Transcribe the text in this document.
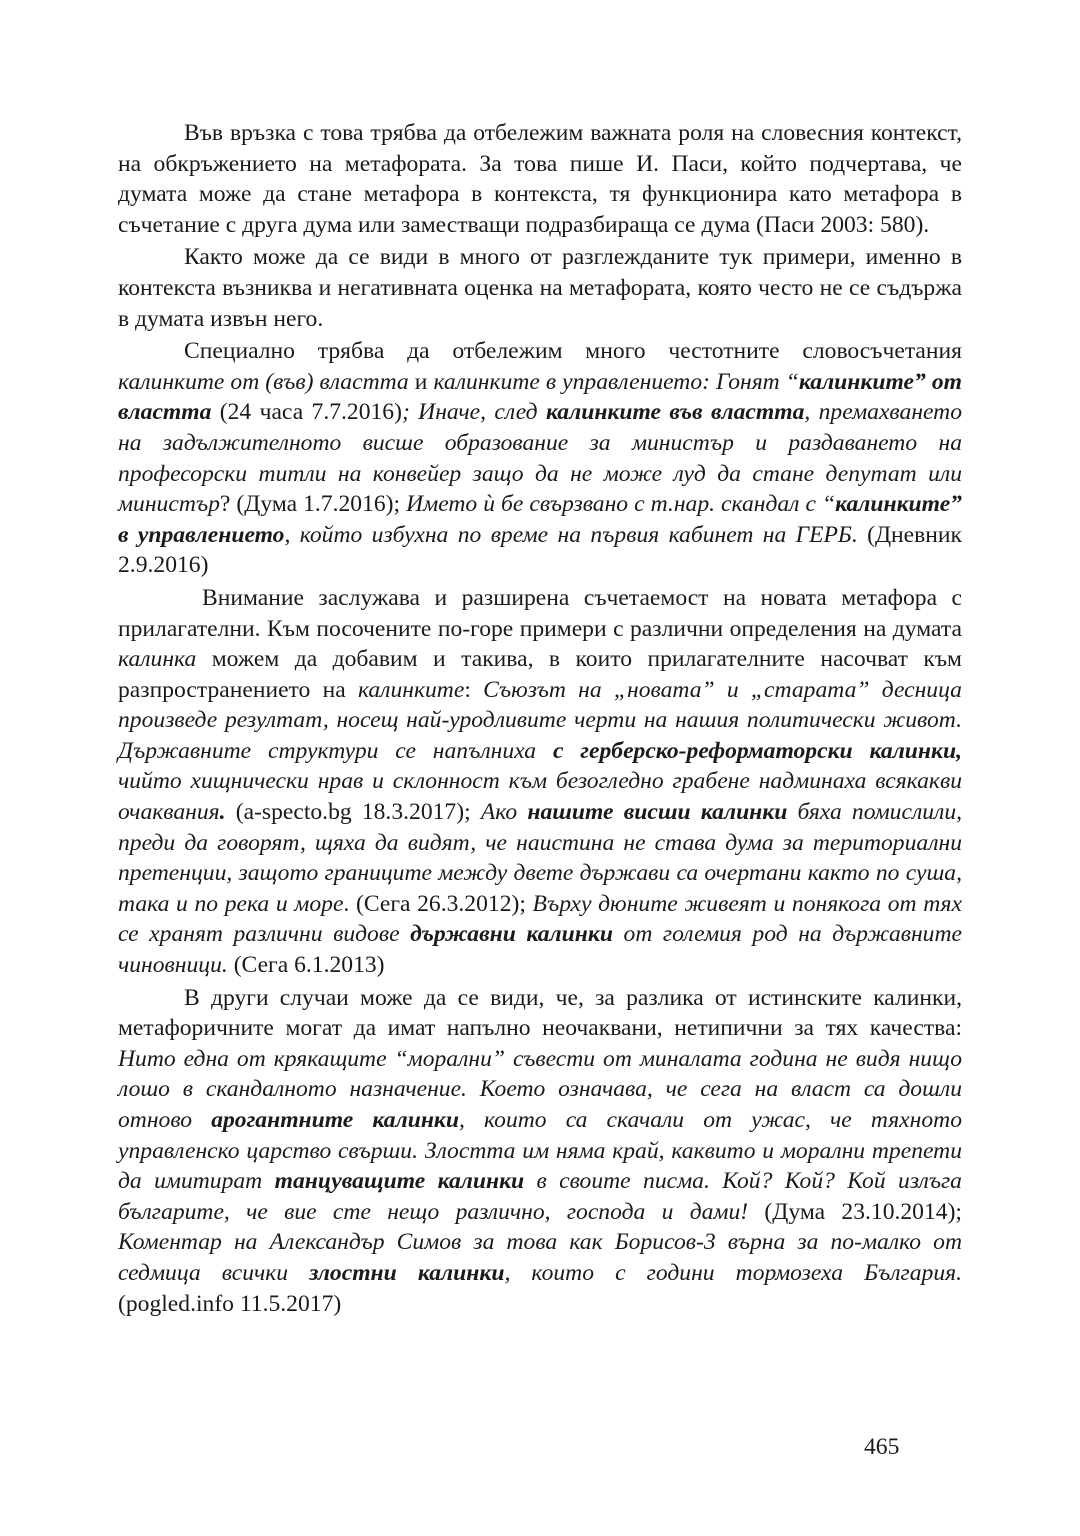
Във връзка с това трябва да отбележим важната роля на словесния контекст, на обкръжението на метафората. За това пише И. Паси, който подчертава, че думата може да стане метафора в контекста, тя функционира като метафора в съчетание с друга дума или заместващи подразбираща се дума (Паси 2003: 580).

Както може да се види в много от разглежданите тук примери, именно в контекста възниква и негативната оценка на метафората, която често не се съдържа в думата извън него.

Специално трябва да отбележим много честотните словосъчетания калинките от (във) властта и калинките в управлението: Гонят “калинките” от властта (24 часа 7.7.2016); Иначе, след калинките във властта, премахването на задължителното висше образование за министър и раздаването на професорски титли на конвейер защо да не може луд да стане депутат или министър? (Дума 1.7.2016); Името ѝ бе свързвано с т.нар. скандал с “калинките” в управлението, който избухна по време на първия кабинет на ГЕРБ. (Дневник 2.9.2016)

Внимание заслужава и разширена съчетаемост на новата метафора с прилагателни. Към посочените по-горе примери с различни определения на думата калинка можем да добавим и такива, в които прилагателните насочват към разпространението на калинките: Съюзът на „новата” и „старата” десница произведе резултат, носещ най-уродливите черти на нашия политически живот. Държавните структури се напълниха с герберско-реформаторски калинки, чийто хищнически нрав и склонност към безогледно грабене надминаха всякакви очаквания. (a-specto.bg 18.3.2017); Ако нашите висши калинки бяха помислили, преди да говорят, щяха да видят, че наистина не става дума за териториални претенции, защото границите между двете държави са очертани както по суша, така и по река и море. (Сега 26.3.2012); Върху дюните живеят и понякога от тях се хранят различни видове държавни калинки от големия род на държавните чиновници. (Сега 6.1.2013)

В други случаи може да се види, че, за разлика от истинските калинки, метафоричните могат да имат напълно неочаквани, нетипични за тях качества: Нито една от крякащите “морални” съвести от миналата година не видя нищо лошо в скандалното назначение. Което означава, че сега на власт са дошли отново арогантните калинки, които са скачали от ужас, че тяхното управленско царство свърши. Злостта им няма край, каквито и морални трепети да имитират танцуващите калинки в своите писма. Кой? Кой? Кой излъга българите, че вие сте нещо различно, господа и дами! (Дума 23.10.2014); Коментар на Александър Симов за това как Борисов-3 върна за по-малко от седмица всички злостни калинки, които с години тормозеха България. (pogled.info 11.5.2017)

465
